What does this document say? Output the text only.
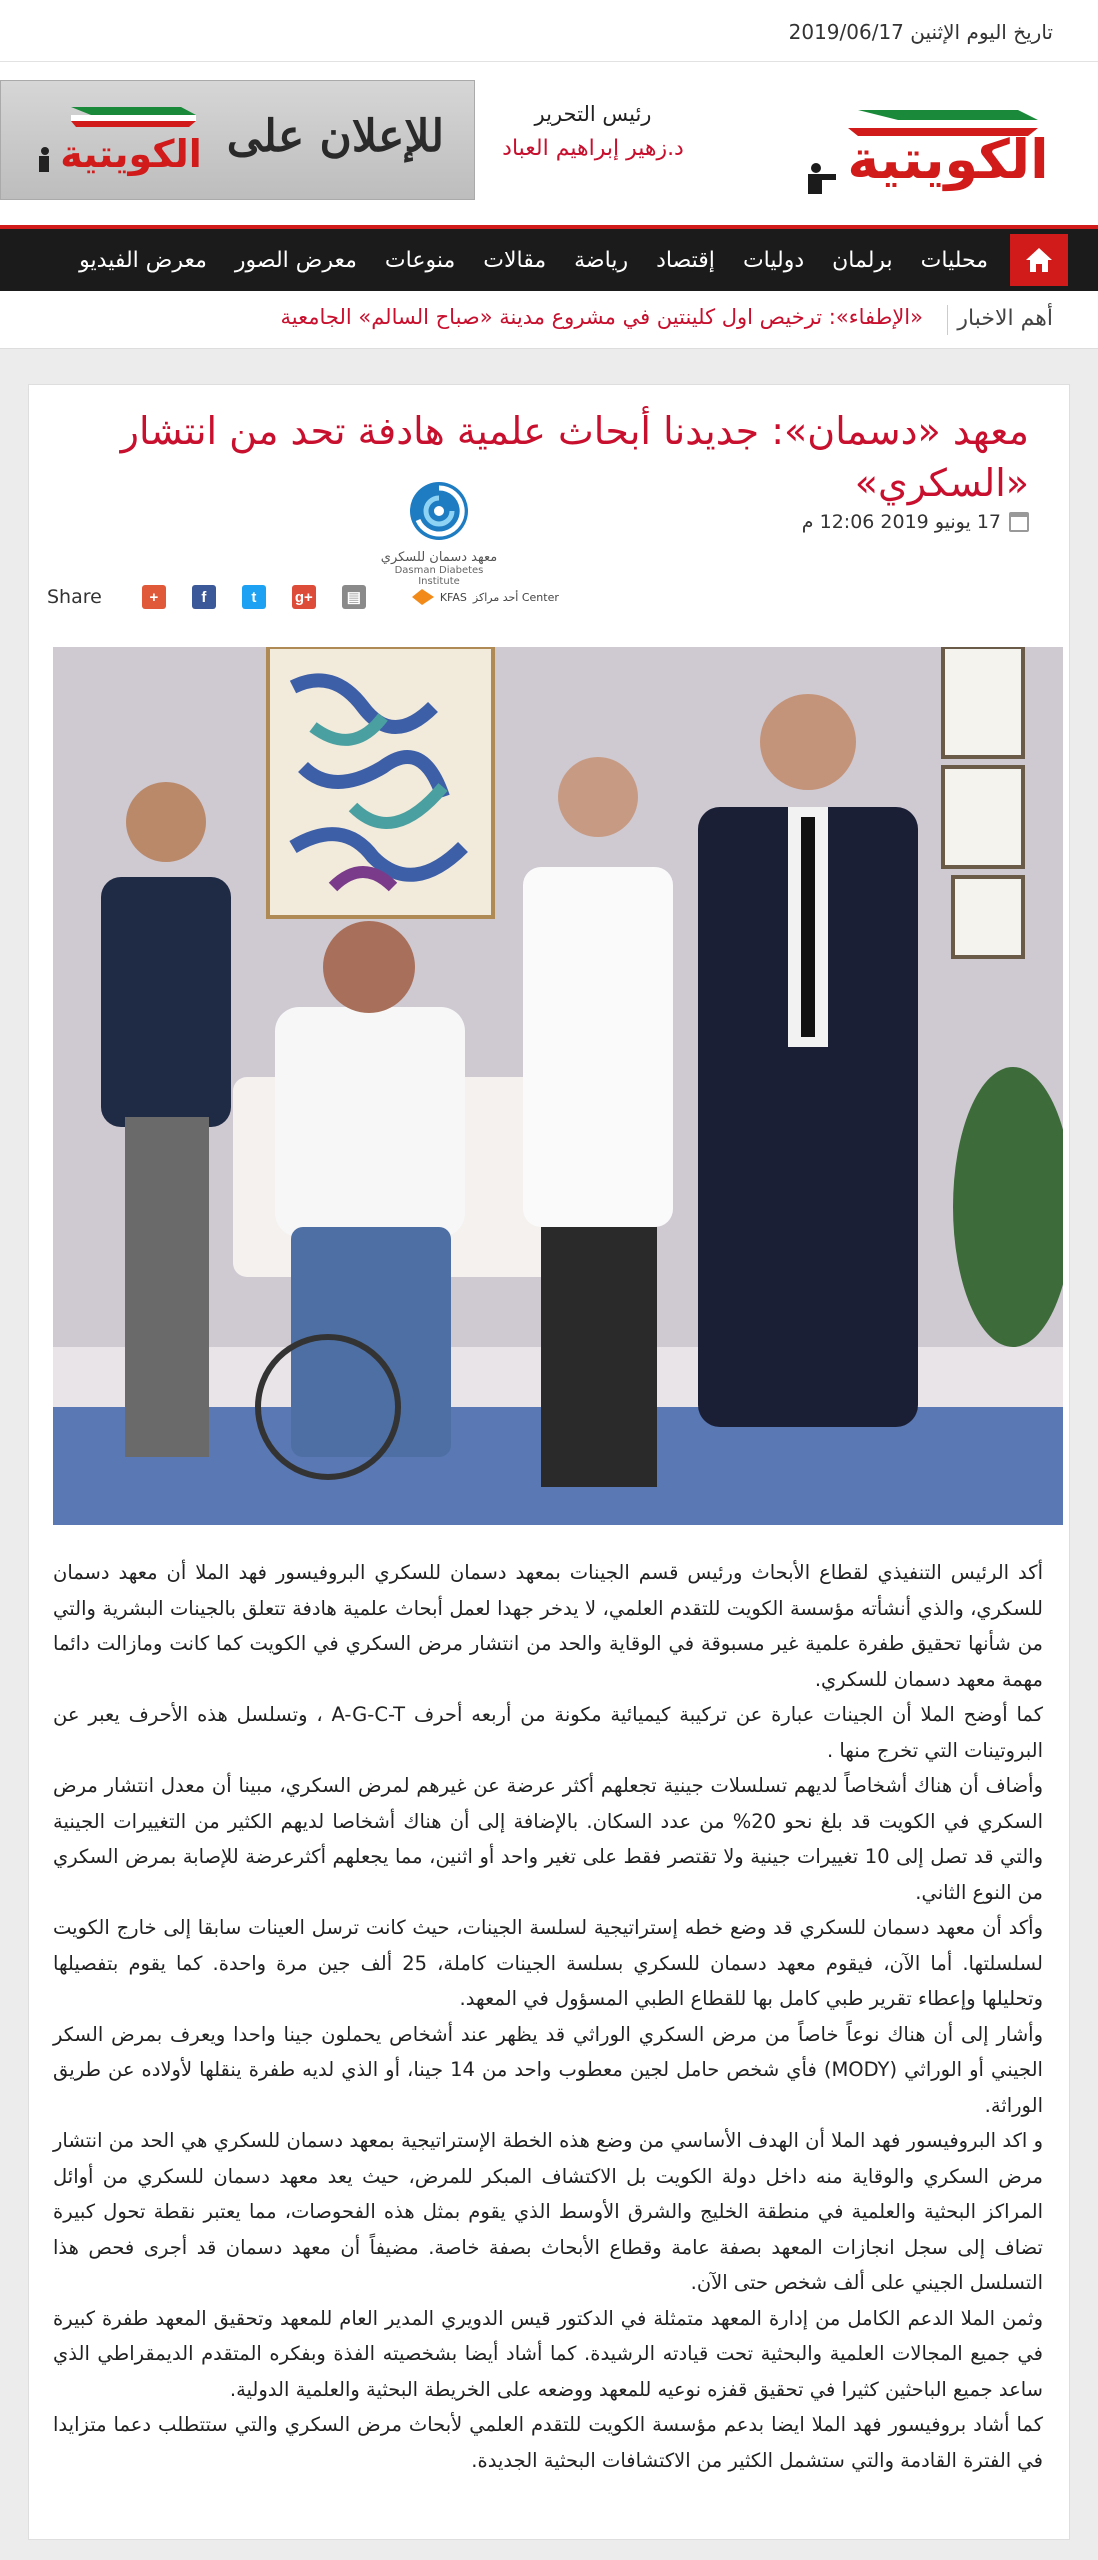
تاريخ اليوم الإثنين 2019/06/17
الكويتية
رئيس التحرير
د.زهير إبراهيم العباد
للإعلان على
الكويتية
محليات
برلمان
دوليات
إقتصاد
رياضة
مقالات
منوعات
معرض الصور
معرض الفيديو
أهم الاخبار
«الإطفاء»: ترخيص اول كلينتين في مشروع مدينة «صباح السالم» الجامعية
معهد «دسمان»: جديدنا أبحاث علمية هادفة تحد من انتشار «السكري»
17 يونيو 2019 12:06 م
معهد دسمان للسكري
Dasman Diabetes Institute
Share	+	f	t	g+	▤	KFAS أحد مراكز Center

أكد الرئيس التنفيذي لقطاع الأبحاث ورئيس قسم الجينات بمعهد دسمان للسكري البروفيسور فهد الملا أن معهد دسمان للسكري، والذي أنشأته مؤسسة الكويت للتقدم العلمي، لا يدخر جهدا لعمل أبحاث علمية هادفة تتعلق بالجينات البشرية والتي من شأنها تحقيق طفرة علمية غير مسبوقة في الوقاية والحد من انتشار مرض السكري في الكويت كما كانت ومازالت دائما مهمة معهد دسمان للسكري.

كما أوضح الملا أن الجينات عبارة عن تركيبة كيميائية مكونة من أربعه أحرف A-G-C-T ، وتسلسل هذه الأحرف يعبر عن البروتينات التي تخرج منها .

وأضاف أن هناك أشخاصاً لديهم تسلسلات جينية تجعلهم أكثر عرضة عن غيرهم لمرض السكري، مبينا أن معدل انتشار مرض السكري في الكويت قد بلغ نحو 20% من عدد السكان. بالإضافة إلى أن هناك أشخاصا لديهم الكثير من التغييرات الجينية والتي قد تصل إلى 10 تغييرات جينية ولا تقتصر فقط على تغير واحد أو اثنين، مما يجعلهم أكثرعرضة للإصابة بمرض السكري من النوع الثاني.

وأكد أن معهد دسمان للسكري قد وضع خطه إستراتيجية لسلسة الجينات، حيث كانت ترسل العينات سابقا إلى خارج الكويت لسلسلتها. أما الآن، فيقوم معهد دسمان للسكري بسلسة الجينات كاملة، 25 ألف جين مرة واحدة. كما يقوم بتفصيلها وتحليلها وإعطاء تقرير طبي كامل بها للقطاع الطبي المسؤول في المعهد.

وأشار إلى أن هناك نوعاً خاصاً من مرض السكري الوراثي قد يظهر عند أشخاص يحملون جينا واحدا ويعرف بمرض السكر الجيني أو الوراثي (MODY) فأي شخص حامل لجين معطوب واحد من 14 جينا، أو الذي لديه طفرة ينقلها لأولاده عن طريق الوراثة.

و اكد البروفيسور فهد الملا أن الهدف الأساسي من وضع هذه الخطة الإستراتيجية بمعهد دسمان للسكري هي الحد من انتشار مرض السكري والوقاية منه داخل دولة الكويت بل الاكتشاف المبكر للمرض، حيث يعد معهد دسمان للسكري من أوائل المراكز البحثية والعلمية في منطقة الخليج والشرق الأوسط الذي يقوم بمثل هذه الفحوصات، مما يعتبر نقطة تحول كبيرة تضاف إلى سجل انجازات المعهد بصفة عامة وقطاع الأبحاث بصفة خاصة. مضيفاً أن معهد دسمان قد أجرى فحص هذا التسلسل الجيني على ألف شخص حتى الآن.

وثمن الملا الدعم الكامل من إدارة المعهد متمثلة في الدكتور قيس الدويري المدير العام للمعهد وتحقيق المعهد طفرة كبيرة في جميع المجالات العلمية والبحثية تحت قيادته الرشيدة. كما أشاد أيضا بشخصيته الفذة وبفكره المتقدم الديمقراطي الذي ساعد جميع الباحثين كثيرا في تحقيق قفزه نوعيه للمعهد ووضعه على الخريطة البحثية والعلمية الدولية.

كما أشاد بروفيسور فهد الملا ايضا بدعم مؤسسة الكويت للتقدم العلمي لأبحاث مرض السكري والتي ستتطلب دعما متزايدا في الفترة القادمة والتي ستشمل الكثير من الاكتشافات البحثية الجديدة.
